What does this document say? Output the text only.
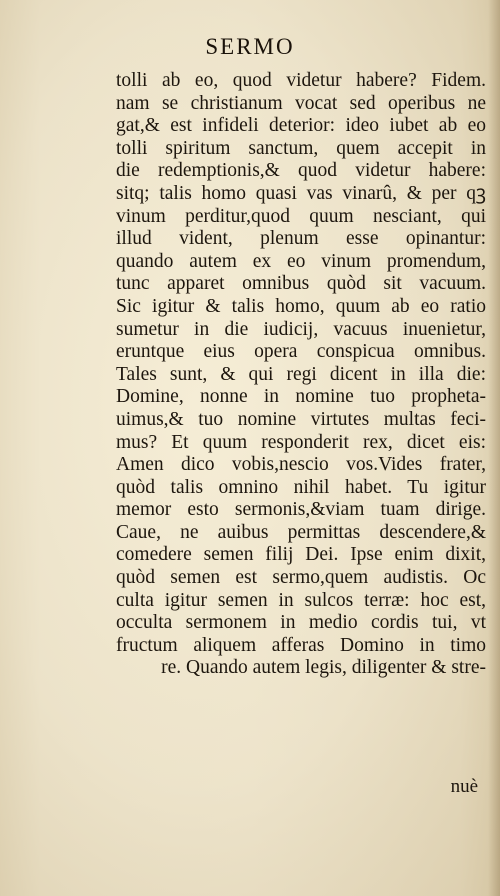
SERMO
tolli ab eo, quod videtur habere? Fidem.
nam se christianum vocat sed operibus ne
gat,& est infideli deterior: ideo iubet ab eo
tolli spiritum sanctum, quem accepit in
die redemptionis,& quod videtur habere:
sitq; talis homo quasi vas vinarû, & per qꝫ
vinum perditur,quod quum nesciant, qui
illud vident, plenum esse opinantur:
quando autem ex eo vinum promendum,
tunc apparet omnibus quòd sit vacuum.
Sic igitur & talis homo, quum ab eo ratio
sumetur in die iudicij, vacuus inuenietur,
eruntque eius opera conspicua omnibus.
Tales sunt, & qui regi dicent in illa die:
Domine, nonne in nomine tuo propheta-
uimus,& tuo nomine virtutes multas feci-
mus? Et quum responderit rex, dicet eis:
Amen dico vobis,nescio vos.Vides frater,
quòd talis omnino nihil habet. Tu igitur
memor esto sermonis,&viam tuam dirige.
Caue, ne auibus permittas descendere,&
comedere semen filij Dei. Ipse enim dixit,
quòd semen est sermo,quem audistis. Oc
culta igitur semen in sulcos terræ: hoc est,
occulta sermonem in medio cordis tui, vt
fructum aliquem afferas Domino in timo
re. Quando autem legis, diligenter & stre-
nuè
